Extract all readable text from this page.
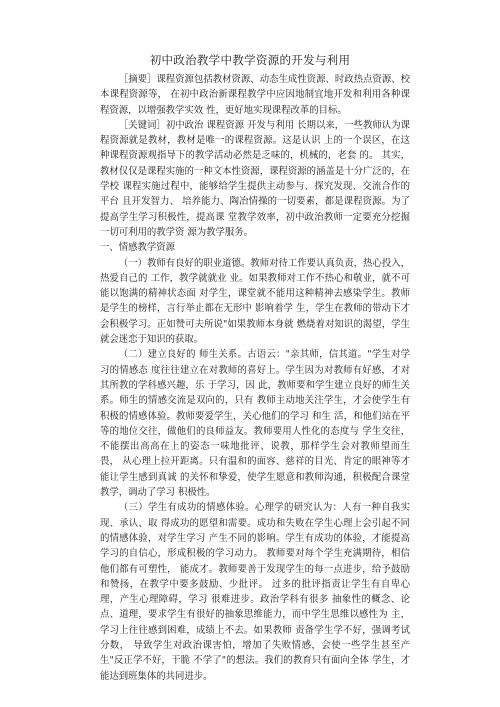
初中政治教学中教学资源的开发与利用

［摘要］课程资源包括教材资源、动态生成性资源、时政热点资源、校本课程资源等， 在初中政治新课程教学中应因地制宜地开发和利用各种课程资源，以增强教学实效 性，更好地实现课程改革的目标。

［关键词］初中政治 课程资源 开发与利用 长期以来，一些教师认为课程资源就是教材，教材是唯一的课程资源。这是认识 上的一个误区，在这种课程资源观指导下的教学活动必然是乏味的，机械的，老套 的。 其实，教材仅仅是课程实施的一种文本性资源，课程资源的涵盖是十分广泛的，在学校 课程实施过程中，能够给学生提供主动参与、探究发现、交流合作的平台 且开发智力、 培养能力、陶冶情操的一切要素，都是课程资源。为了提高学生学习积极性，提高课 堂教学效率，初中政治教师一定要充分挖掘一切可利用的教学资 源为教学服务。

一、情感教学资源

（一）教师有良好的职业道德。教师对待工作要认真负责，热心投入，热爱自己的 工作，教学就就业 业。如果教师对工作不热心和敬业，就不可能以饱满的精神状态面 对学生，课堂就不能用这种精神去感染学生。教师是学生的榜样，言行举止都在无形中 影响着学 生，学生在教师的带动下才会积极学习。正如赞可夫所说"如果教师本身就 燃烧着对知识的渴望，学生就会迷恋于知识的获取。

（二）建立良好的 师生关系。古语云："亲其师，信其道。"学生对学习的情感态 度往往建立在对教师的喜好上。学生因为对教师有好感，才对其所教的学科感兴趣，乐 于学习，因 此，教师要和学生建立良好的师生关系。师生的情感交流是双向的，只有 教师主动地关注学生，才会使学生有积极的情感体验。教师要爱学生，关心他们的学习 和生 活，和他们站在平等的地位交往，做他们的良师益友。教师要用人性化的态度与 学生交往，不能摆出高高在上的姿态一味地批评、说教，那样学生会对教师望而生 畏， 从心理上拉开距离。只有温和的面容、慈祥的目光、肯定的眼神等才能让学生感到真诚 的关怀和挚爱，使学生愿意和教师沟通，积极配合课堂教学，调动了学习 积极性。

（三）学生有成功的情感体验。心理学的研究认为：人有一种自我实现、承认、取 得成功的愿望和需要。成功和失败在学生心理上会引起不同 的情感体验，对学生学习 产生不同的影响。学生有成功的体验，才能提高学习的自信心，形成积极的学习动力。 教师要对每个学生充满期待，相信他们都有可塑性， 能成才。教师要善于发现学生的每一点进步，给予鼓励和赞扬，在教学中要多鼓励、少批评。 过多的批评指责让学生有自卑心理，产生心理障碍，学习 很难进步。政治学科有很多 抽象性的概念、论点、道理，要求学生有很好的抽象思维能力，而中学生思维以感性为 主，学习上往往感到困难，成绩上不去。如果教师 责备学生学不好，强调考试分数， 导致学生对政治课害怕，增加了失败情感，会使一些学生甚至产生"反正学不好，干脆 不学了"的想法。我们的教育只有面向全体 学生，才能达到班集体的共同进步。
